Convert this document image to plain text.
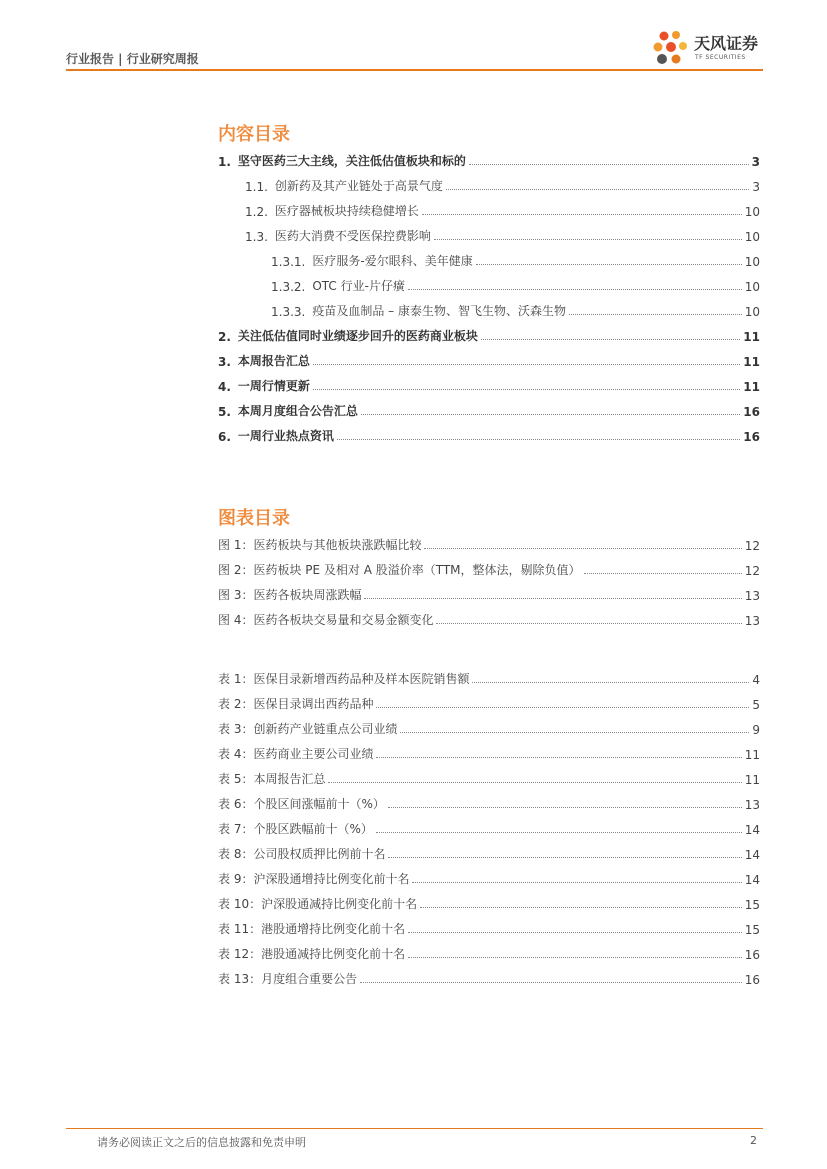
行业报告 | 行业研究周报
天风证券
TF SECURITIES
内容目录
1. 坚守医药三大主线，关注低估值板块和标的	3
1.1. 创新药及其产业链处于高景气度	3
1.2. 医疗器械板块持续稳健增长	10
1.3. 医药大消费不受医保控费影响	10
1.3.1. 医疗服务-爱尔眼科、美年健康	10
1.3.2. OTC 行业-片仔癀	10
1.3.3. 疫苗及血制品 – 康泰生物、智飞生物、沃森生物	10
2. 关注低估值同时业绩逐步回升的医药商业板块	11
3. 本周报告汇总	11
4. 一周行情更新	11
5. 本周月度组合公告汇总	16
6. 一周行业热点资讯	16
图表目录
图 1：医药板块与其他板块涨跌幅比较	12
图 2：医药板块 PE 及相对 A 股溢价率（TTM，整体法，剔除负值）	12
图 3：医药各板块周涨跌幅	13
图 4：医药各板块交易量和交易金额变化	13
表 1：医保目录新增西药品种及样本医院销售额	4
表 2：医保目录调出西药品种	5
表 3：创新药产业链重点公司业绩	9
表 4：医药商业主要公司业绩	11
表 5：本周报告汇总	11
表 6：个股区间涨幅前十（%）	13
表 7：个股区跌幅前十（%）	14
表 8：公司股权质押比例前十名	14
表 9：沪深股通增持比例变化前十名	14
表 10：沪深股通减持比例变化前十名	15
表 11：港股通增持比例变化前十名	15
表 12：港股通减持比例变化前十名	16
表 13：月度组合重要公告	16
请务必阅读正文之后的信息披露和免责申明	2
